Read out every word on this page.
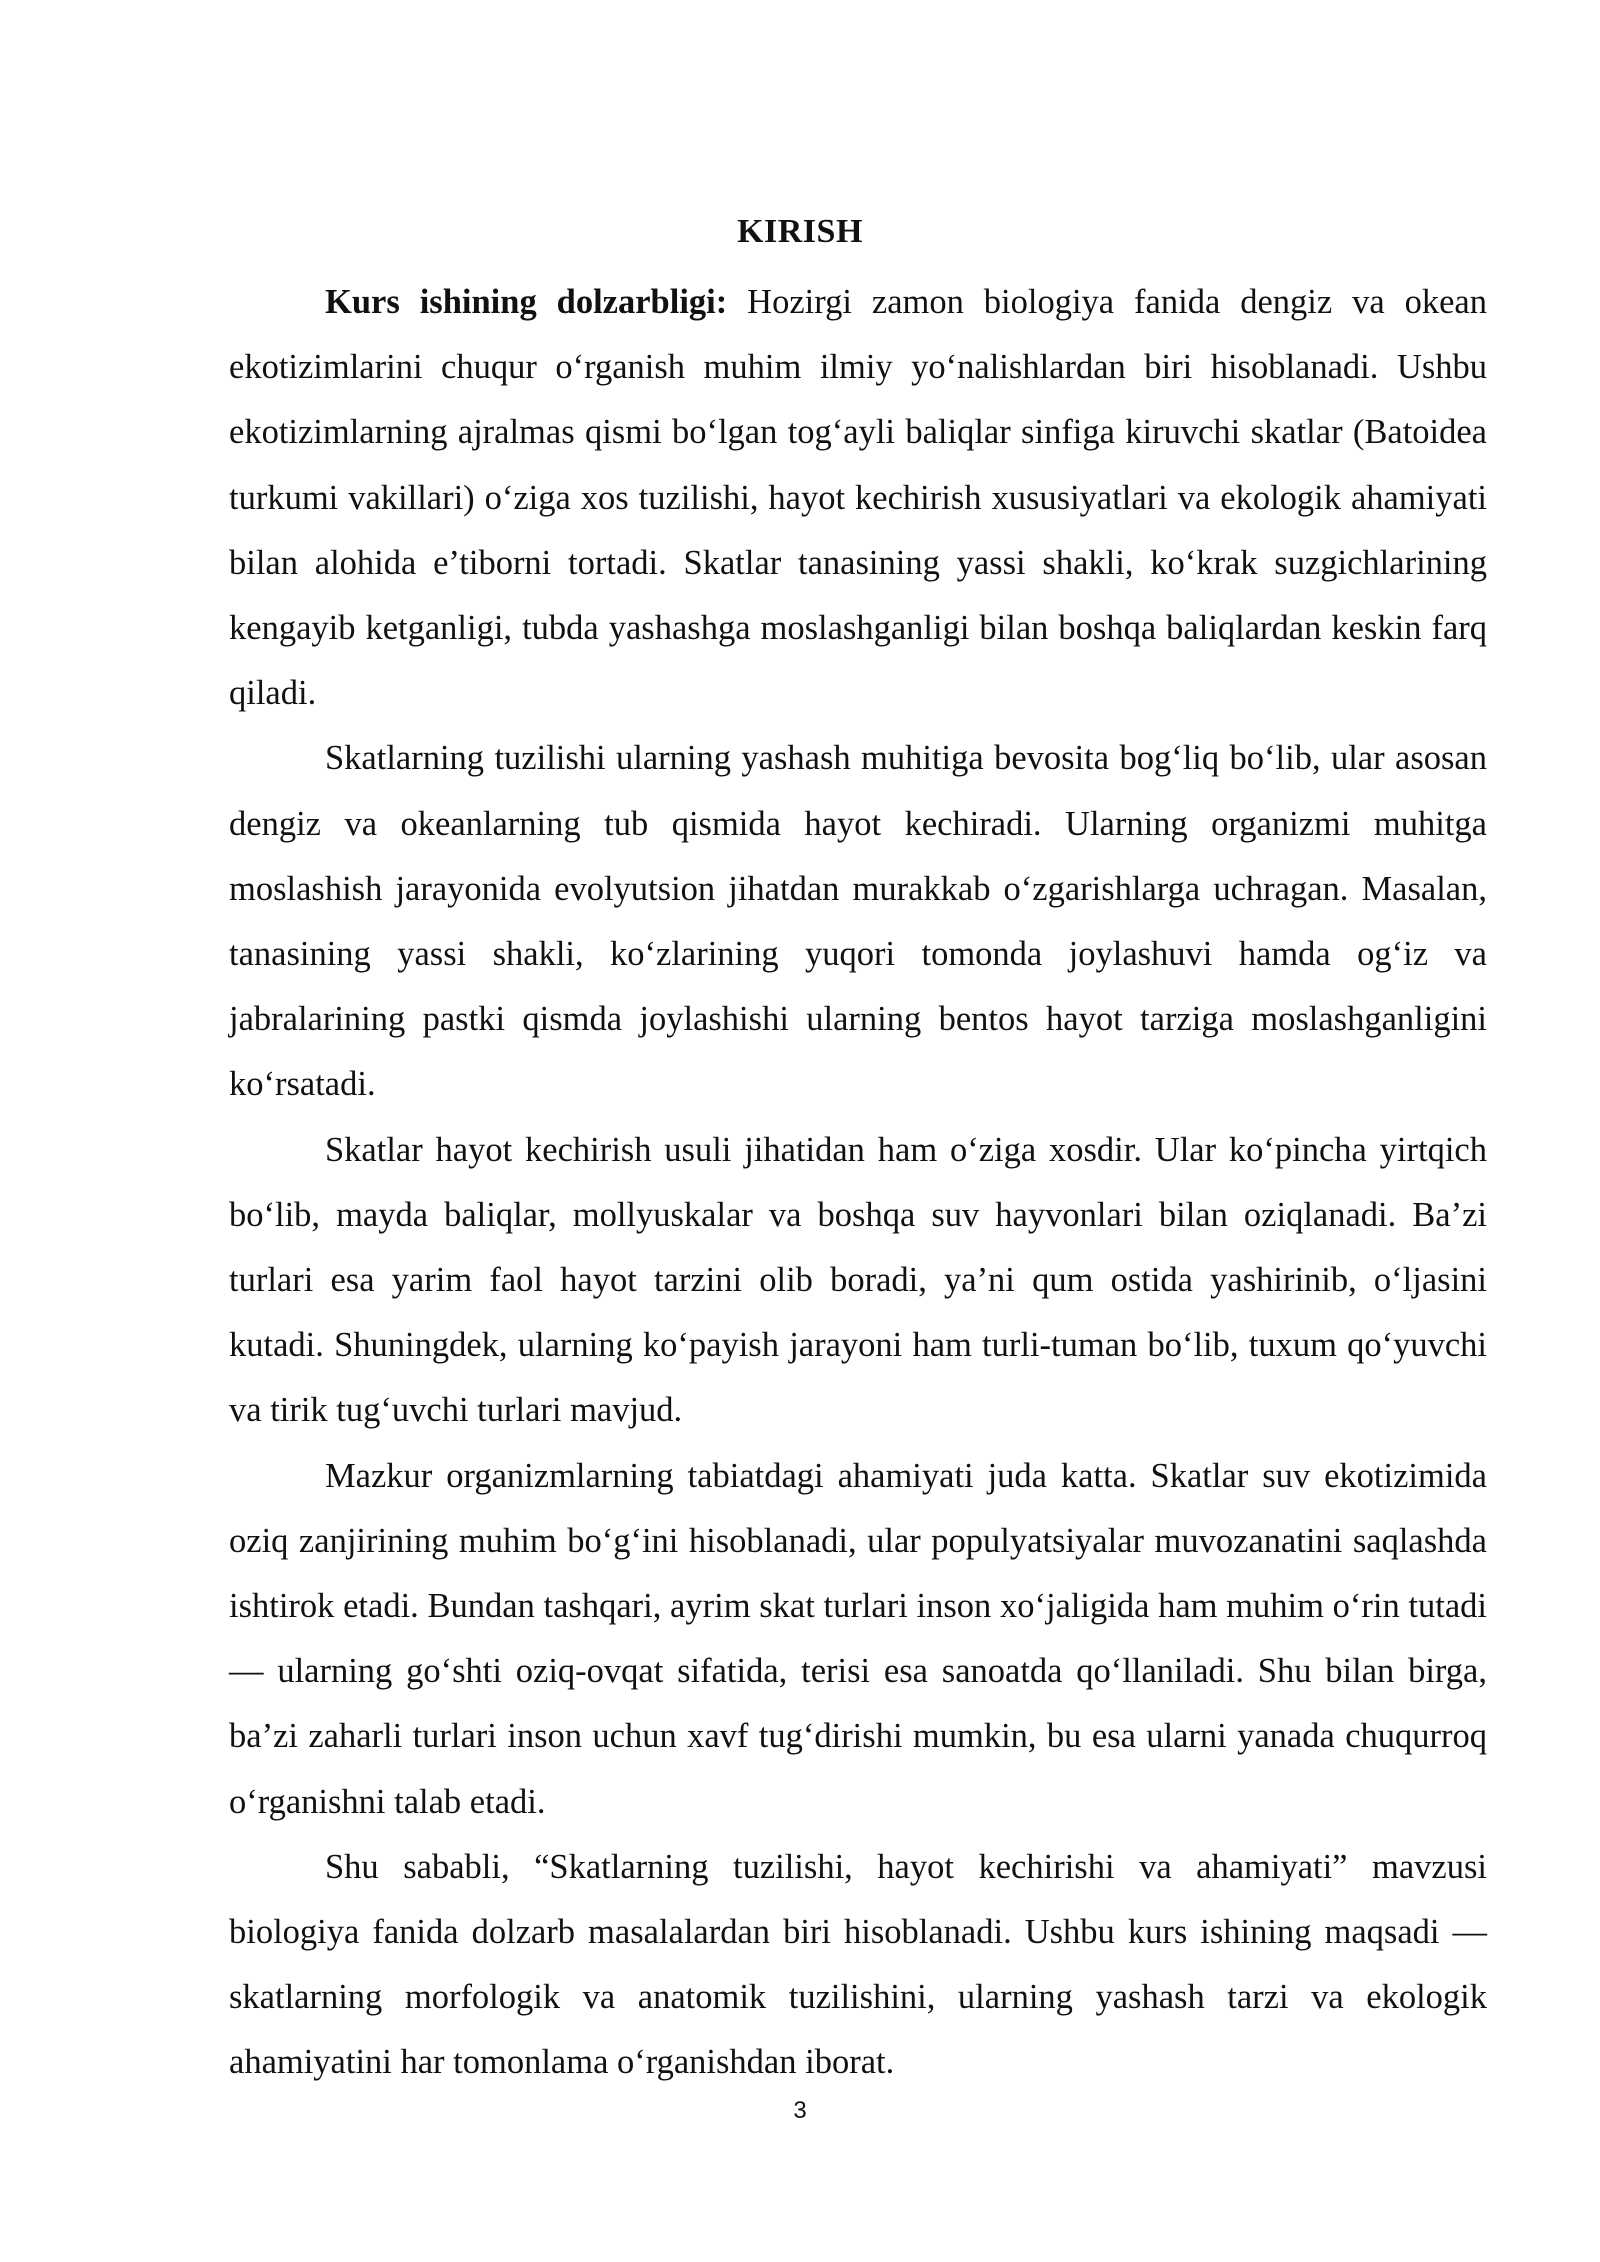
KIRISH

Kurs ishining dolzarbligi: Hozirgi zamon biologiya fanida dengiz va okean ekotizimlarini chuqur o‘rganish muhim ilmiy yo‘nalishlardan biri hisoblanadi. Ushbu ekotizimlarning ajralmas qismi bo‘lgan tog‘ayli baliqlar sinfiga kiruvchi skatlar (Batoidea turkumi vakillari) o‘ziga xos tuzilishi, hayot kechirish xususiyatlari va ekologik ahamiyati bilan alohida e’tiborni tortadi. Skatlar tanasining yassi shakli, ko‘krak suzgichlarining kengayib ketganligi, tubda yashashga moslashganligi bilan boshqa baliqlardan keskin farq qiladi.

Skatlarning tuzilishi ularning yashash muhitiga bevosita bog‘liq bo‘lib, ular asosan dengiz va okeanlarning tub qismida hayot kechiradi. Ularning organizmi muhitga moslashish jarayonida evolyutsion jihatdan murakkab o‘zgarishlarga uchragan. Masalan, tanasining yassi shakli, ko‘zlarining yuqori tomonda joylashuvi hamda og‘iz va jabralarining pastki qismda joylashishi ularning bentos hayot tarziga moslashganligini ko‘rsatadi.

Skatlar hayot kechirish usuli jihatidan ham o‘ziga xosdir. Ular ko‘pincha yirtqich bo‘lib, mayda baliqlar, mollyuskalar va boshqa suv hayvonlari bilan oziqlanadi. Ba’zi turlari esa yarim faol hayot tarzini olib boradi, ya’ni qum ostida yashirinib, o‘ljasini kutadi. Shuningdek, ularning ko‘payish jarayoni ham turli-tuman bo‘lib, tuxum qo‘yuvchi va tirik tug‘uvchi turlari mavjud.

Mazkur organizmlarning tabiatdagi ahamiyati juda katta. Skatlar suv ekotizimida oziq zanjirining muhim bo‘g‘ini hisoblanadi, ular populyatsiyalar muvozanatini saqlashda ishtirok etadi. Bundan tashqari, ayrim skat turlari inson xo‘jaligida ham muhim o‘rin tutadi — ularning go‘shti oziq-ovqat sifatida, terisi esa sanoatda qo‘llaniladi. Shu bilan birga, ba’zi zaharli turlari inson uchun xavf tug‘dirishi mumkin, bu esa ularni yanada chuqurroq o‘rganishni talab etadi.

Shu sababli, “Skatlarning tuzilishi, hayot kechirishi va ahamiyati” mavzusi biologiya fanida dolzarb masalalardan biri hisoblanadi. Ushbu kurs ishining maqsadi — skatlarning morfologik va anatomik tuzilishini, ularning yashash tarzi va ekologik ahamiyatini har tomonlama o‘rganishdan iborat.

3
